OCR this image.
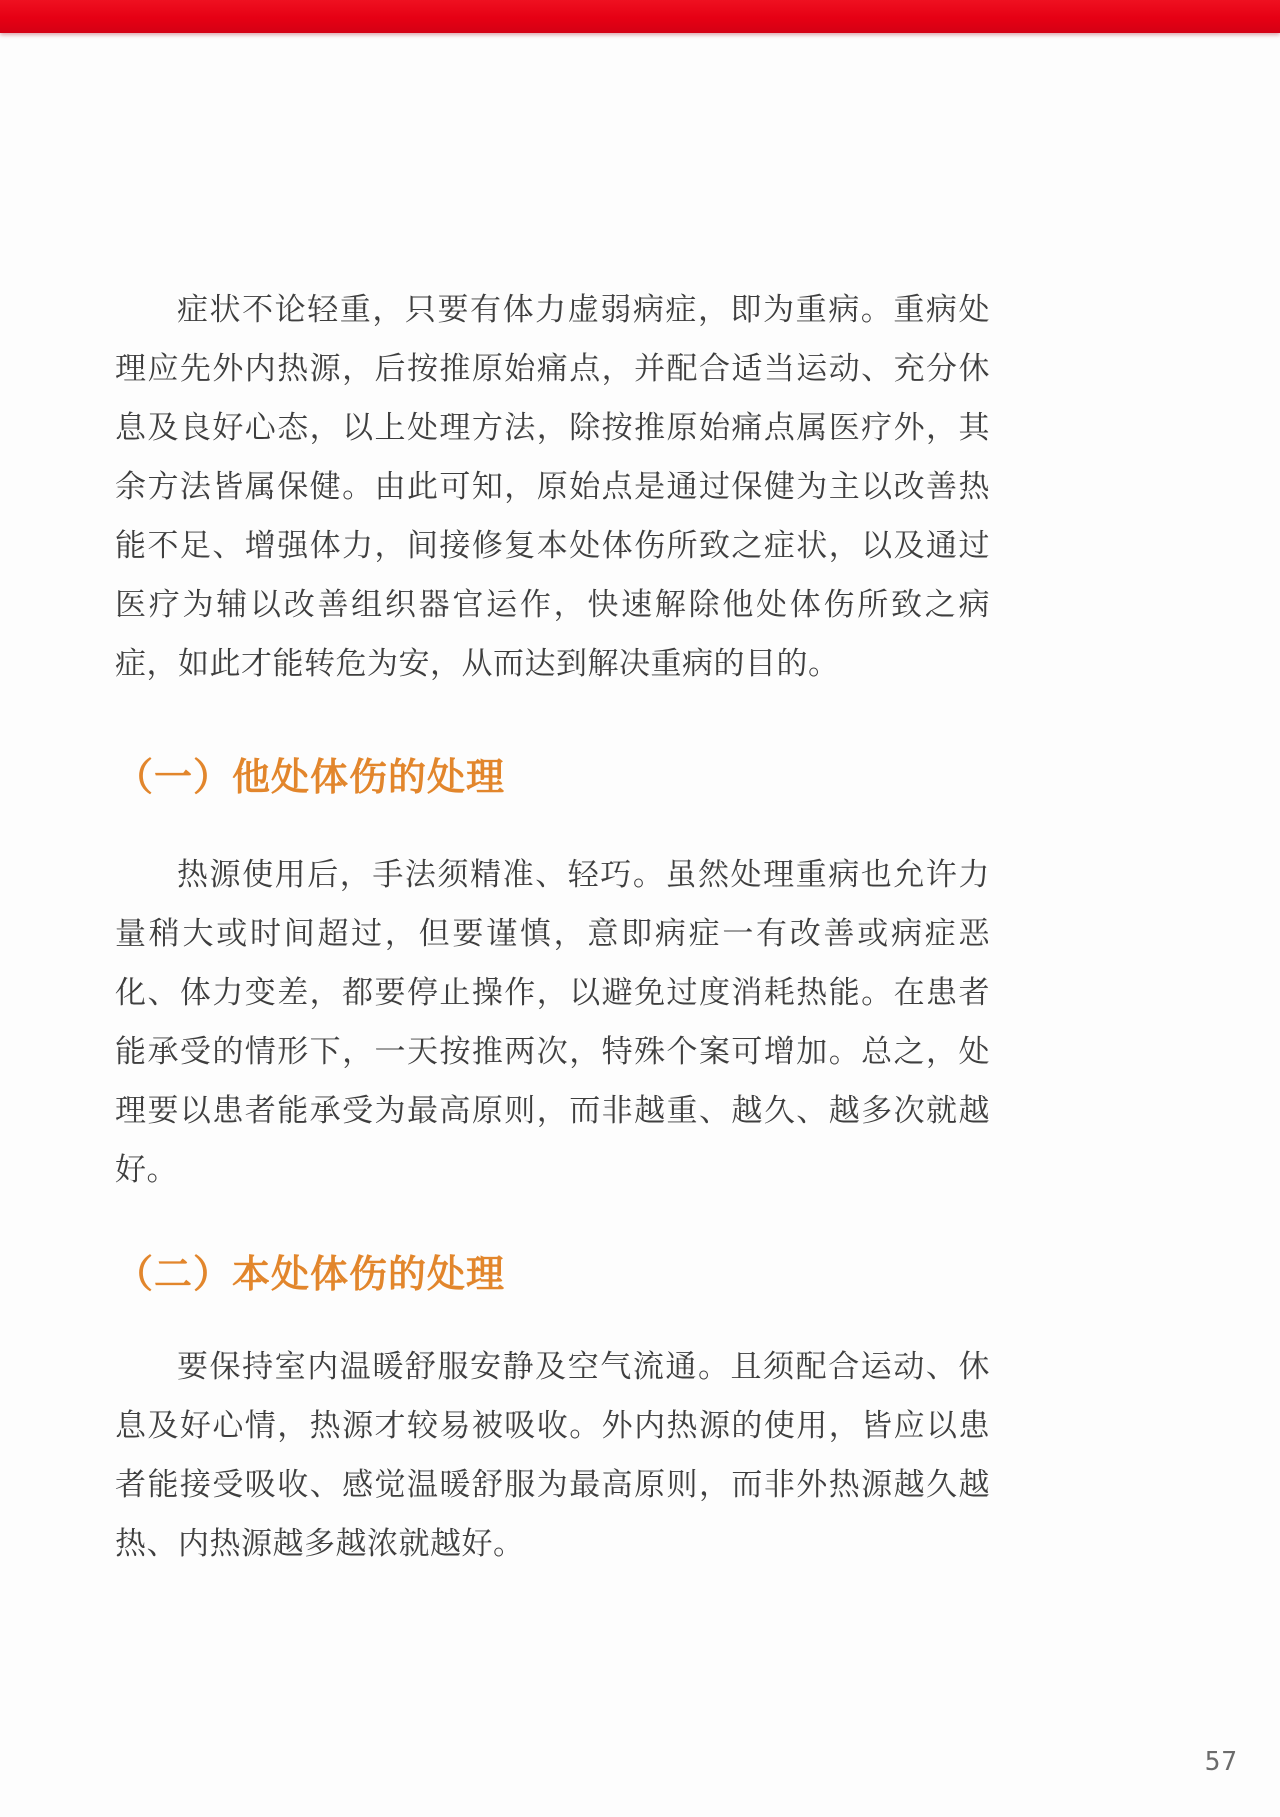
症状不论轻重，只要有体力虚弱病症，即为重病。重病处理应先外内热源，后按推原始痛点，并配合适当运动、充分休息及良好心态，以上处理方法，除按推原始痛点属医疗外，其余方法皆属保健。由此可知，原始点是通过保健为主以改善热能不足、增强体力，间接修复本处体伤所致之症状，以及通过医疗为辅以改善组织器官运作，快速解除他处体伤所致之病症，如此才能转危为安，从而达到解决重病的目的。

（一）他处体伤的处理

热源使用后，手法须精准、轻巧。虽然处理重病也允许力量稍大或时间超过，但要谨慎，意即病症一有改善或病症恶化、体力变差，都要停止操作，以避免过度消耗热能。在患者能承受的情形下，一天按推两次，特殊个案可增加。总之，处理要以患者能承受为最高原则，而非越重、越久、越多次就越好。

（二）本处体伤的处理

要保持室内温暖舒服安静及空气流通。且须配合运动、休息及好心情，热源才较易被吸收。外内热源的使用，皆应以患者能接受吸收、感觉温暖舒服为最高原则，而非外热源越久越热、内热源越多越浓就越好。

57
